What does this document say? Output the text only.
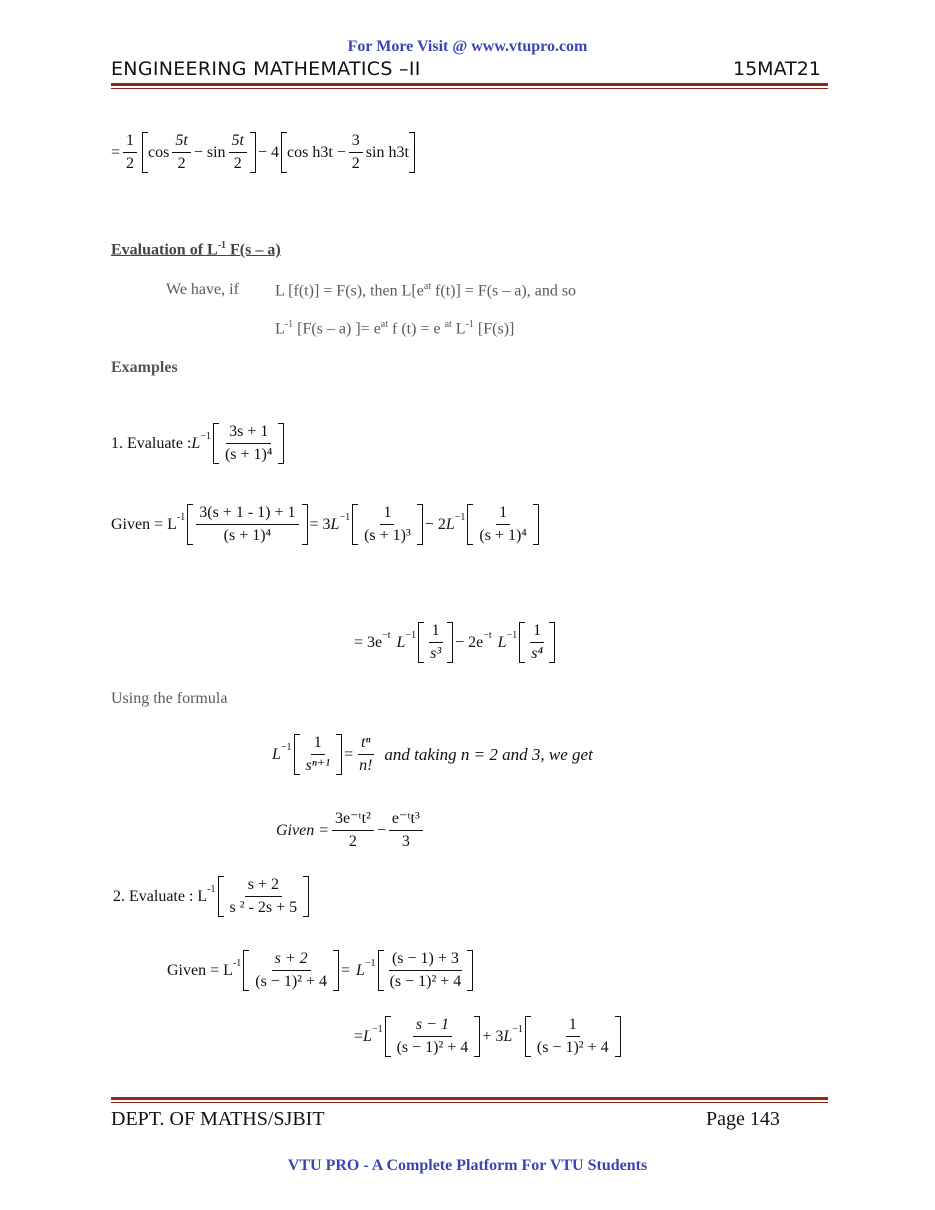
For More Visit @ www.vtupro.com
ENGINEERING MATHEMATICS –II	15MAT21
= $\frac{1}{2}$ $\cos \frac{5t}{2} - \sin \frac{5t}{2} - 4$ $\cos h3t - \frac{3}{2}$ sin h3t
Evaluation of $L^{-1}$ F(s – a)
We have, if L [f(t)] = F(s), then $L[e^{at}$ f(t)] = F(s – a), and so
$L^{-1}$ [F(s – a) ]= $e^{at}$ f (t) = e $^{at}$ $L^{-1}$ [F(s)]
Examples
1. Evaluate : $L^{-1} \frac{3s + 1}{\text{(s + 1)⁴}}$
Given = $L^{-1} \frac{3(s + 1 - 1) + 1}{\text{(s + 1)⁴}} = 3$ $L^{-1} \frac{1}{\text{(s + 1)³}} - 2$ $L^{-1} \frac{1}{\text{(s + 1)⁴}}$
= $3e^{-t}$ $L^{-1} \frac{1}{\text{s³}} - 2e^{-t}$ $L^{-1} \frac{1}{\text{s⁴}}$
Using the formula
$L^{-1} \frac{1}{\text{sⁿ⁺¹}} = \frac{\text{tⁿ}}{n!}$ and taking n = 2 and 3, we get
Given = $\frac{\text{3e⁻ᵗt²}}{2} - \frac{\text{e⁻ᵗt³}}{3}$
2. Evaluate : $L^{-1} \frac{s + 2}{\text{s ² - 2s + 5}}$
Given = $L^{-1} \frac{s + 2}{\text{(s − 1)² + 4}} = L^{-1} \frac{(s - 1) + 3}{\text{(s − 1)² + 4}}$
= $L^{-1} \frac{s - 1}{\text{(s − 1)² + 4}} + 3$ $L^{-1} \frac{1}{\text{(s − 1)² + 4}}$
DEPT. OF MATHS/SJBIT	Page 143
VTU PRO - A Complete Platform For VTU Students
